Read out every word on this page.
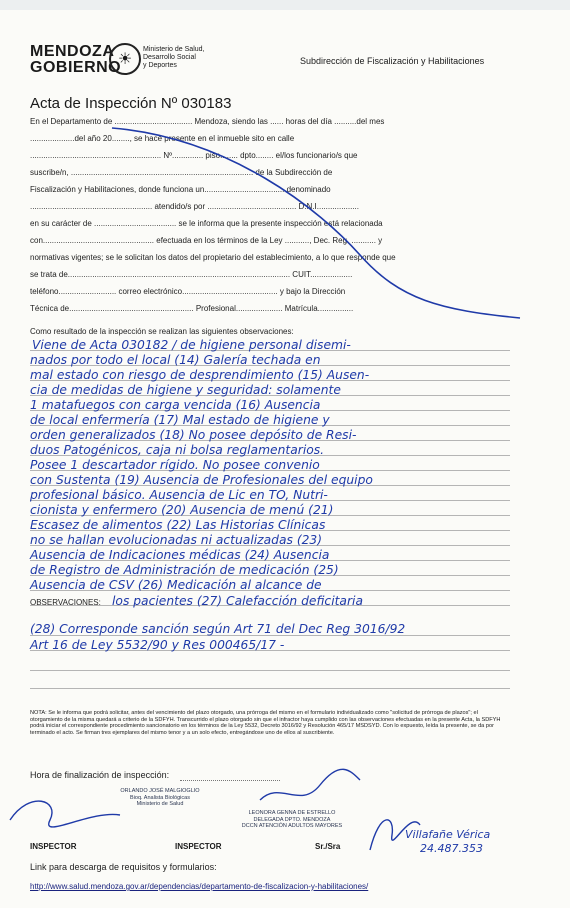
MENDOZA
GOBIERNO
☀
Ministerio de Salud,
Desarrollo Social
y Deportes	Subdirección de Fiscalización y Habilitaciones
Acta de Inspección Nº 030183
En el Departamento de ................................... Mendoza, siendo las ...... horas del día ..........del mes
....................del año 20........, se hace presente en el inmueble sito en calle
........................................................... Nº.............. piso........ dpto........ el/los funcionario/s que
suscribe/n, .................................................................................. de la Subdirección de
Fiscalización y Habilitaciones, donde funciona un.................................... denominado
....................................................... atendido/s por ........................................ D.N.I...................
en su carácter de ..................................... se le informa que la presente inspección está relacionada
con.................................................. efectuada en los términos de la Ley ..........., Dec. Reg. ........... y
normativas vigentes; se le solicitan los datos del propietario del establecimiento, a lo que responde que
se trata de.................................................................................................... CUIT...................
teléfono.......................... correo electrónico........................................... y bajo la Dirección
Técnica de........................................................ Profesional..................... Matrícula................
Como resultado de la inspección se realizan las siguientes observaciones:
Viene de Acta 030182 / de higiene personal disemi-
nados por todo el local (14) Galería techada en
mal estado con riesgo de desprendimiento (15) Ausen-
cia de medidas de higiene y seguridad: solamente
1 matafuegos con carga vencida (16) Ausencia
de local enfermería (17) Mal estado de higiene y
orden generalizados (18) No posee depósito de Resi-
duos Patogénicos, caja ni bolsa reglamentarios.
Posee 1 descartador rígido. No posee convenio
con Sustenta (19) Ausencia de Profesionales del equipo
profesional básico. Ausencia de Lic en TO, Nutri-
cionista y enfermero (20) Ausencia de menú (21)
Escasez de alimentos (22) Las Historias Clínicas
no se hallan evolucionadas ni actualizadas (23)
Ausencia de Indicaciones médicas (24) Ausencia
de Registro de Administración de medicación (25)
Ausencia de CSV (26) Medicación al alcance de
OBSERVACIONES: los pacientes (27) Calefacción deficitaria
(28) Corresponde sanción según Art 71 del Dec Reg 3016/92
Art 16 de Ley 5532/90 y Res 000465/17 -
NOTA: Se le informa que podrá solicitar, antes del vencimiento del plazo otorgado, una prórroga del mismo en el formulario individualizado como "solicitud de prórroga de plazos"; el otorgamiento de la misma quedará a criterio de la SDFYH. Transcurrido el plazo otorgado sin que el infractor haya cumplido con las observaciones efectuadas en la presente Acta, la SDFYH podrá iniciar el correspondiente procedimiento sancionatorio en los términos de la Ley 5532, Decreto 3016/92 y Resolución 465/17 MSDSYD. Con lo expuesto, leída la presente, se da por terminado el acto. Se firman tres ejemplares del mismo tenor y a un solo efecto, entregándose uno de ellos al suscribiente.
Hora de finalización de inspección:
ORLANDO JOSÉ MALGIOGLIO
Bioq. Analista Biológicas
Ministerio de Salud
LEONORA GENNA DE ESTRELLO
DELEGADA DPTO. MENDOZA
DCCN ATENCIÓN ADULTOS MAYORES
Villafañe Vérica
24.487.353
INSPECTOR	INSPECTOR	Sr./Sra
Link para descarga de requisitos y formularios:
http://www.salud.mendoza.gov.ar/dependencias/departamento-de-fiscalizacion-y-habilitaciones/
